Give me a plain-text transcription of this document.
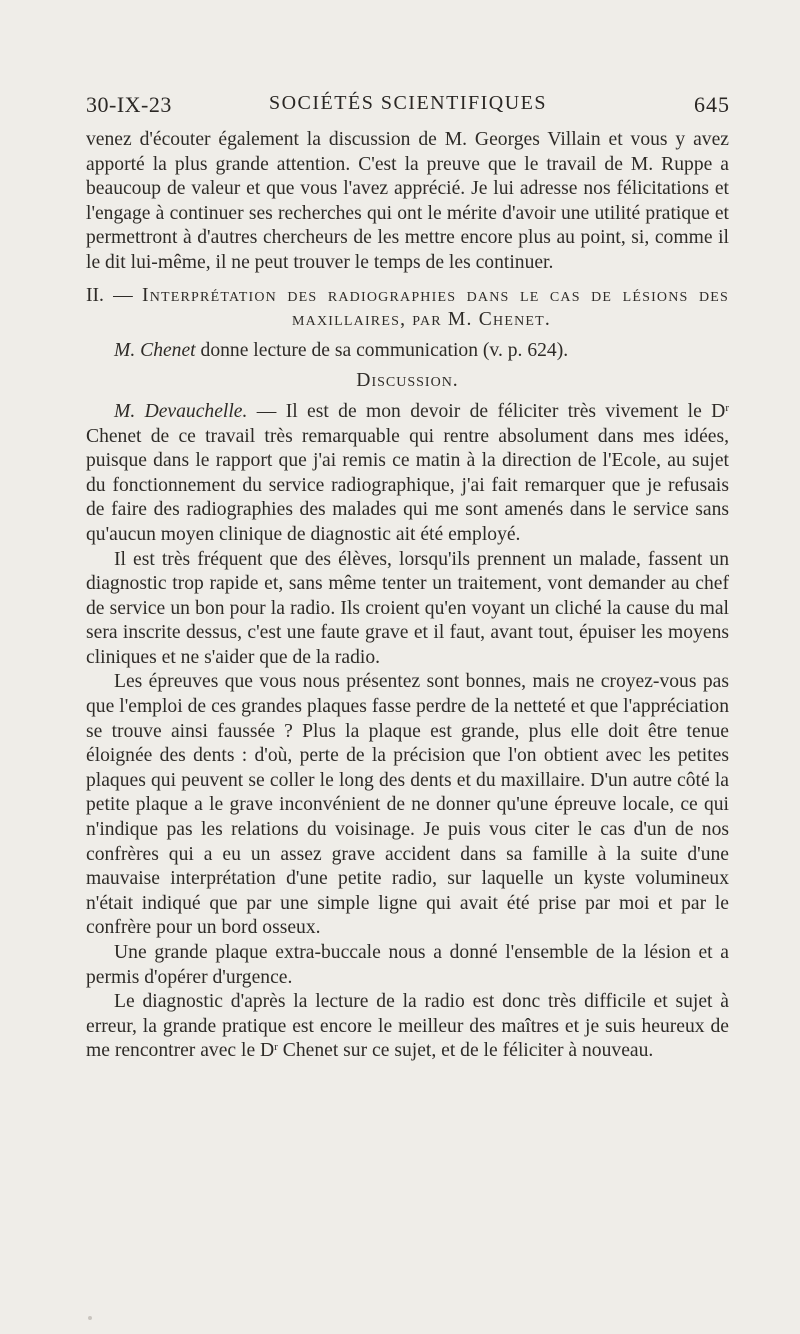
30-IX-23	SOCIÉTÉS SCIENTIFIQUES	645

venez d'écouter également la discussion de M. Georges Villain et vous y avez apporté la plus grande attention. C'est la preuve que le travail de M. Ruppe a beaucoup de valeur et que vous l'avez apprécié. Je lui adresse nos félicitations et l'engage à continuer ses recherches qui ont le mérite d'avoir une utilité pratique et permettront à d'autres chercheurs de les mettre encore plus au point, si, comme il le dit lui-même, il ne peut trouver le temps de les continuer.

II. — Interprétation des radiographies dans le cas de lésions des maxillaires, par M. Chenet.

M. Chenet donne lecture de sa communication (v. p. 624).

Discussion.

M. Devauchelle. — Il est de mon devoir de féliciter très vivement le $D^r$ Chenet de ce travail très remarquable qui rentre absolument dans mes idées, puisque dans le rapport que j'ai remis ce matin à la direction de l'Ecole, au sujet du fonctionnement du service radiographique, j'ai fait remarquer que je refusais de faire des radiographies des malades qui me sont amenés dans le service sans qu'aucun moyen clinique de diagnostic ait été employé.

Il est très fréquent que des élèves, lorsqu'ils prennent un malade, fassent un diagnostic trop rapide et, sans même tenter un traitement, vont demander au chef de service un bon pour la radio. Ils croient qu'en voyant un cliché la cause du mal sera inscrite dessus, c'est une faute grave et il faut, avant tout, épuiser les moyens cliniques et ne s'aider que de la radio.

Les épreuves que vous nous présentez sont bonnes, mais ne croyez-vous pas que l'emploi de ces grandes plaques fasse perdre de la netteté et que l'appréciation se trouve ainsi faussée ? Plus la plaque est grande, plus elle doit être tenue éloignée des dents : d'où, perte de la précision que l'on obtient avec les petites plaques qui peuvent se coller le long des dents et du maxillaire. D'un autre côté la petite plaque a le grave inconvénient de ne donner qu'une épreuve locale, ce qui n'indique pas les relations du voisinage. Je puis vous citer le cas d'un de nos confrères qui a eu un assez grave accident dans sa famille à la suite d'une mauvaise interprétation d'une petite radio, sur laquelle un kyste volumineux n'était indiqué que par une simple ligne qui avait été prise par moi et par le confrère pour un bord osseux.

Une grande plaque extra-buccale nous a donné l'ensemble de la lésion et a permis d'opérer d'urgence.

Le diagnostic d'après la lecture de la radio est donc très difficile et sujet à erreur, la grande pratique est encore le meilleur des maîtres et je suis heureux de me rencontrer avec le $D^r$ Chenet sur ce sujet, et de le féliciter à nouveau.
